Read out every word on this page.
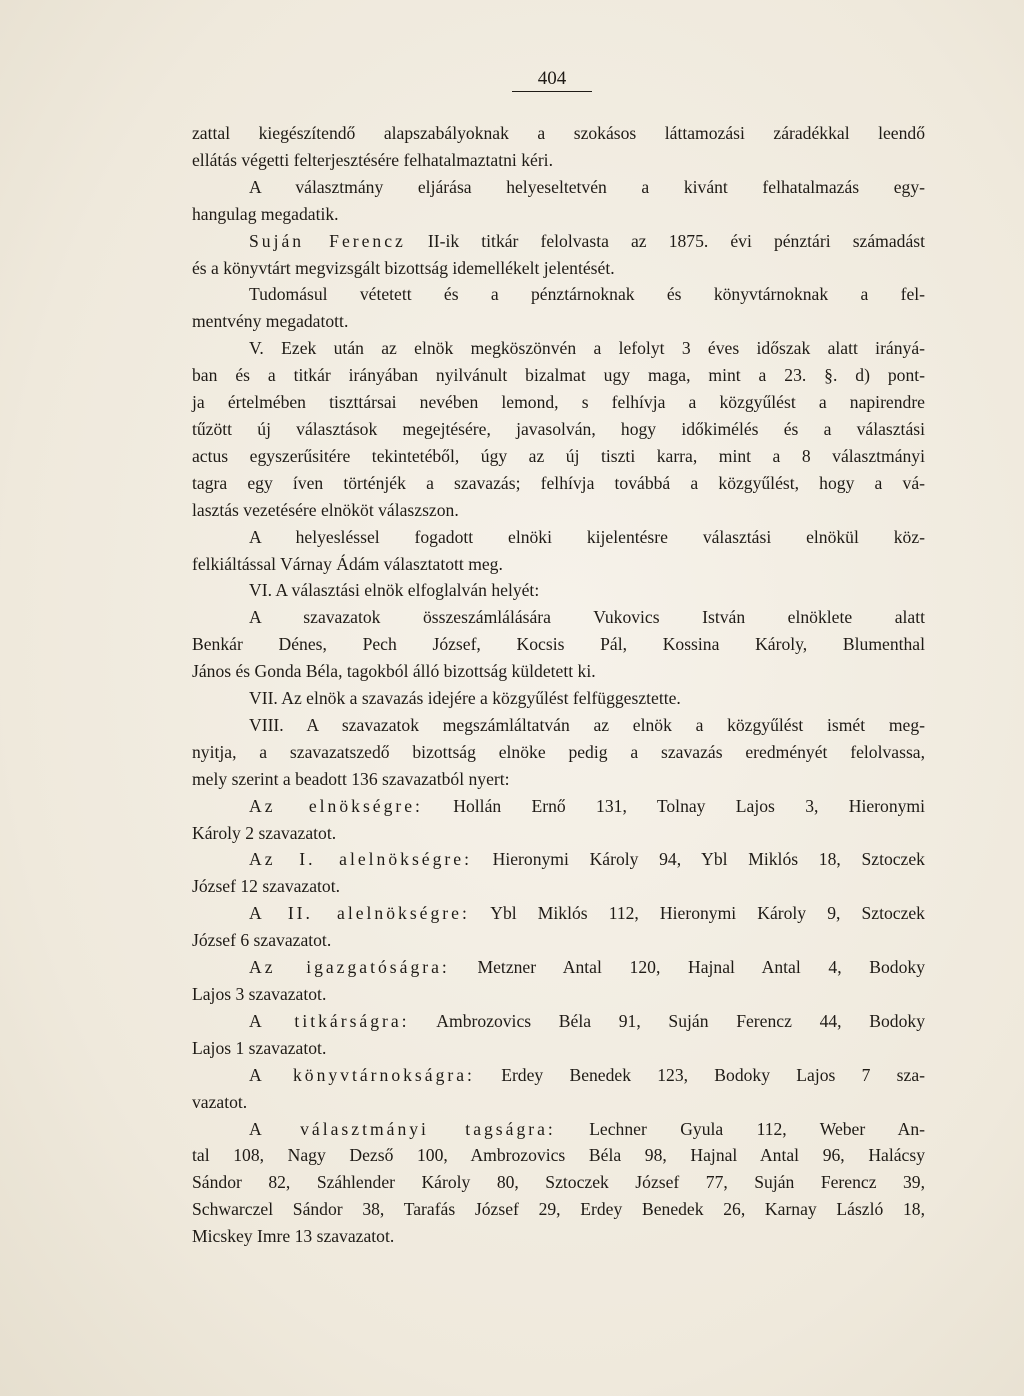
404
zattal kiegészítendő alapszabályoknak a szokásos láttamozási záradékkal leendő
ellátás végetti felterjesztésére felhatalmaztatni kéri.
A választmány eljárása helyeseltetvén a kivánt felhatalmazás egy-
hangulag megadatik.
Suján Ferencz II-ik titkár felolvasta az 1875. évi pénztári számadást
és a könyvtárt megvizsgált bizottság idemellékelt jelentését.
Tudomásul vétetett és a pénztárnoknak és könyvtárnoknak a fel-
mentvény megadatott.
V. Ezek után az elnök megköszönvén a lefolyt 3 éves időszak alatt irányá-
ban és a titkár irányában nyilvánult bizalmat ugy maga, mint a 23. §. d) pont-
ja értelmében tiszttársai nevében lemond, s felhívja a közgyűlést a napirendre
tűzött új választások megejtésére, javasolván, hogy időkimélés és a választási
actus egyszerűsitére tekintetéből, úgy az új tiszti karra, mint a 8 választmányi
tagra egy íven történjék a szavazás; felhívja továbbá a közgyűlést, hogy a vá-
lasztás vezetésére elnököt válaszszon.
A helyesléssel fogadott elnöki kijelentésre választási elnökül köz-
felkiáltással Várnay Ádám választatott meg.
VI. A választási elnök elfoglalván helyét:
A szavazatok összeszámlálására Vukovics István elnöklete alatt
Benkár Dénes, Pech József, Kocsis Pál, Kossina Károly, Blumenthal
János és Gonda Béla, tagokból álló bizottság küldetett ki.
VII. Az elnök a szavazás idejére a közgyűlést felfüggesztette.
VIII. A szavazatok megszámláltatván az elnök a közgyűlést ismét meg-
nyitja, a szavazatszedő bizottság elnöke pedig a szavazás eredményét felolvassa,
mely szerint a beadott 136 szavazatból nyert:
Az elnökségre: Hollán Ernő 131, Tolnay Lajos 3, Hieronymi
Károly 2 szavazatot.
Az I. alelnökségre: Hieronymi Károly 94, Ybl Miklós 18, Sztoczek
József 12 szavazatot.
A II. alelnökségre: Ybl Miklós 112, Hieronymi Károly 9, Sztoczek
József 6 szavazatot.
Az igazgatóságra: Metzner Antal 120, Hajnal Antal 4, Bodoky
Lajos 3 szavazatot.
A titkárságra: Ambrozovics Béla 91, Suján Ferencz 44, Bodoky
Lajos 1 szavazatot.
A könyvtárnokságra: Erdey Benedek 123, Bodoky Lajos 7 sza-
vazatot.
A választmányi tagságra: Lechner Gyula 112, Weber An-
tal 108, Nagy Dezső 100, Ambrozovics Béla 98, Hajnal Antal 96, Halácsy
Sándor 82, Száhlender Károly 80, Sztoczek József 77, Suján Ferencz 39,
Schwarczel Sándor 38, Tarafás József 29, Erdey Benedek 26, Karnay László 18,
Micskey Imre 13 szavazatot.
